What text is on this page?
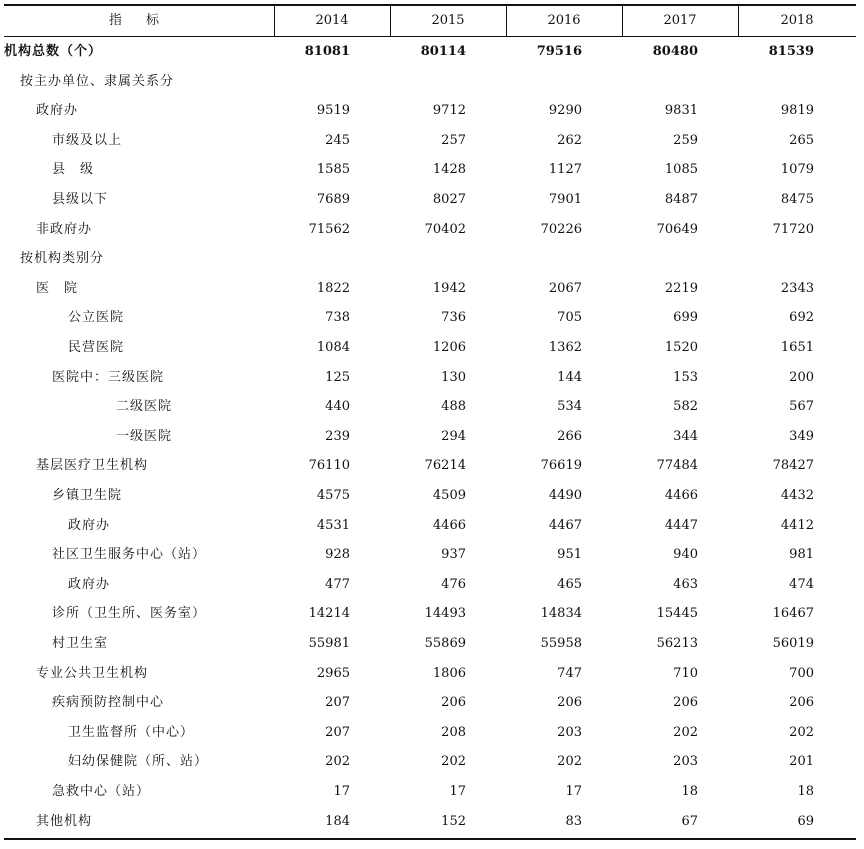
指 标	2014	2015	2016	2017	2018
机构总数（个）	81081	80114	79516	80480	81539
按主办单位、隶属关系分
政府办	9519	9712	9290	9831	9819
市级及以上	245	257	262	259	265
县　级	1585	1428	1127	1085	1079
县级以下	7689	8027	7901	8487	8475
非政府办	71562	70402	70226	70649	71720
按机构类别分
医　院	1822	1942	2067	2219	2343
公立医院	738	736	705	699	692
民营医院	1084	1206	1362	1520	1651
医院中：三级医院	125	130	144	153	200
二级医院	440	488	534	582	567
一级医院	239	294	266	344	349
基层医疗卫生机构	76110	76214	76619	77484	78427
乡镇卫生院	4575	4509	4490	4466	4432
政府办	4531	4466	4467	4447	4412
社区卫生服务中心（站）	928	937	951	940	981
政府办	477	476	465	463	474
诊所（卫生所、医务室）	14214	14493	14834	15445	16467
村卫生室	55981	55869	55958	56213	56019
专业公共卫生机构	2965	1806	747	710	700
疾病预防控制中心	207	206	206	206	206
卫生监督所（中心）	207	208	203	202	202
妇幼保健院（所、站）	202	202	202	203	201
急救中心（站）	17	17	17	18	18
其他机构	184	152	83	67	69
